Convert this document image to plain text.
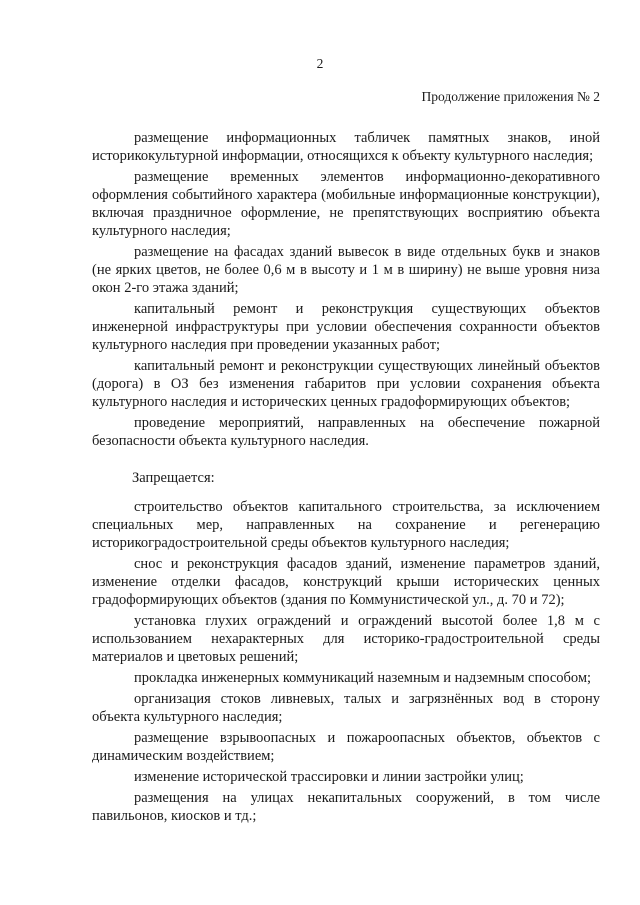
2
Продолжение приложения № 2

размещение информационных табличек памятных знаков, иной историкокультурной информации, относящихся к объекту культурного наследия;

размещение временных элементов информационно-декоративного оформления событийного характера (мобильные информационные конструкции), включая праздничное оформление, не препятствующих восприятию объекта культурного наследия;

размещение на фасадах зданий вывесок в виде отдельных букв и знаков (не ярких цветов, не более 0,6 м в высоту и 1 м в ширину) не выше уровня низа окон 2-го этажа зданий;

капитальный ремонт и реконструкция существующих объектов инженерной инфраструктуры при условии обеспечения сохранности объектов культурного наследия при проведении указанных работ;

капитальный ремонт и реконструкции существующих линейный объектов (дорога) в ОЗ без изменения габаритов при условии сохранения объекта культурного наследия и исторических ценных градоформирующих объектов;

проведение мероприятий, направленных на обеспечение пожарной безопасности объекта культурного наследия.

Запрещается:

строительство объектов капитального строительства, за исключением специальных мер, направленных на сохранение и регенерацию историкоградостроительной среды объектов культурного наследия;

снос и реконструкция фасадов зданий, изменение параметров зданий, изменение отделки фасадов, конструкций крыши исторических ценных градоформирующих объектов (здания по Коммунистической ул., д. 70 и 72);

установка глухих ограждений и ограждений высотой более 1,8 м с использованием нехарактерных для историко-градостроительной среды материалов и цветовых решений;

прокладка инженерных коммуникаций наземным и надземным способом;

организация стоков ливневых, талых и загрязнённых вод в сторону объекта культурного наследия;

размещение взрывоопасных и пожароопасных объектов, объектов с динамическим воздействием;

изменение исторической трассировки и линии застройки улиц;

размещения на улицах некапитальных сооружений, в том числе павильонов, киосков и тд.;
